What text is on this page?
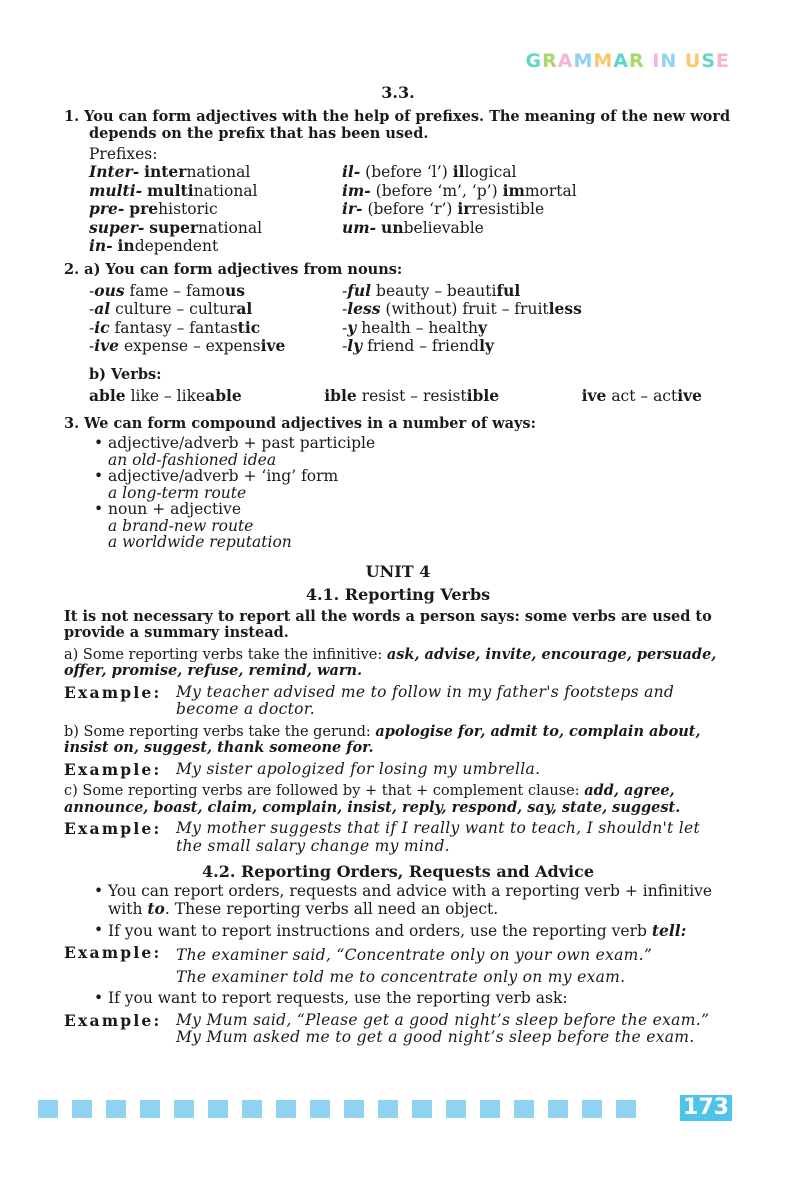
GRAMMAR IN USE

3.3.

1. You can form adjectives with the help of prefixes. The meaning of the new word
depends on the prefix that has been used.

Prefixes:
Inter- international
multi- multinational
pre- prehistoric
super- supernational
in- independent
il- (before ‘l’) illogical
im- (before ‘m’, ‘p’) immortal
ir- (before ‘r’) irresistible
um- unbelievable

2. a) You can form adjectives from nouns:

-ous fame – famous
-al culture – cultural
-ic fantasy – fantastic
-ive expense – expensive
-ful beauty – beautiful
-less (without) fruit – fruitless
-y health – healthy
-ly friend – friendly

b) Verbs:

able like – likeable	ible resist – resistible	ive act – active

3. We can form compound adjectives in a number of ways:

• adjective/adverb + past participle
an old-fashioned idea
• adjective/adverb + ‘ing’ form
a long-term route
• noun + adjective
a brand-new route
a worldwide reputation

UNIT 4

4.1. Reporting Verbs

It is not necessary to report all the words a person says: some verbs are used to
provide a summary instead.

a) Some reporting verbs take the infinitive: ask, advise, invite, encourage, persuade,
offer, promise, refuse, remind, warn.

Example: My teacher advised me to follow in my father's footsteps and
become a doctor.

b) Some reporting verbs take the gerund: apologise for, admit to, complain about,
insist on, suggest, thank someone for.

Example: My sister apologized for losing my umbrella.

c) Some reporting verbs are followed by + that + complement clause: add, agree,
announce, boast, claim, complain, insist, reply, respond, say, state, suggest.

Example: My mother suggests that if I really want to teach, I shouldn't let
the small salary change my mind.

4.2. Reporting Orders, Requests and Advice

• You can report orders, requests and advice with a reporting verb + infinitive
with to. These reporting verbs all need an object.
• If you want to report instructions and orders, use the reporting verb tell:
Example: The examiner said, “Concentrate only on your own exam.”
The examiner told me to concentrate only on my exam.
• If you want to report requests, use the reporting verb ask:
Example: My Mum said, “Please get a good night’s sleep before the exam.”
My Mum asked me to get a good night’s sleep before the exam.
173
